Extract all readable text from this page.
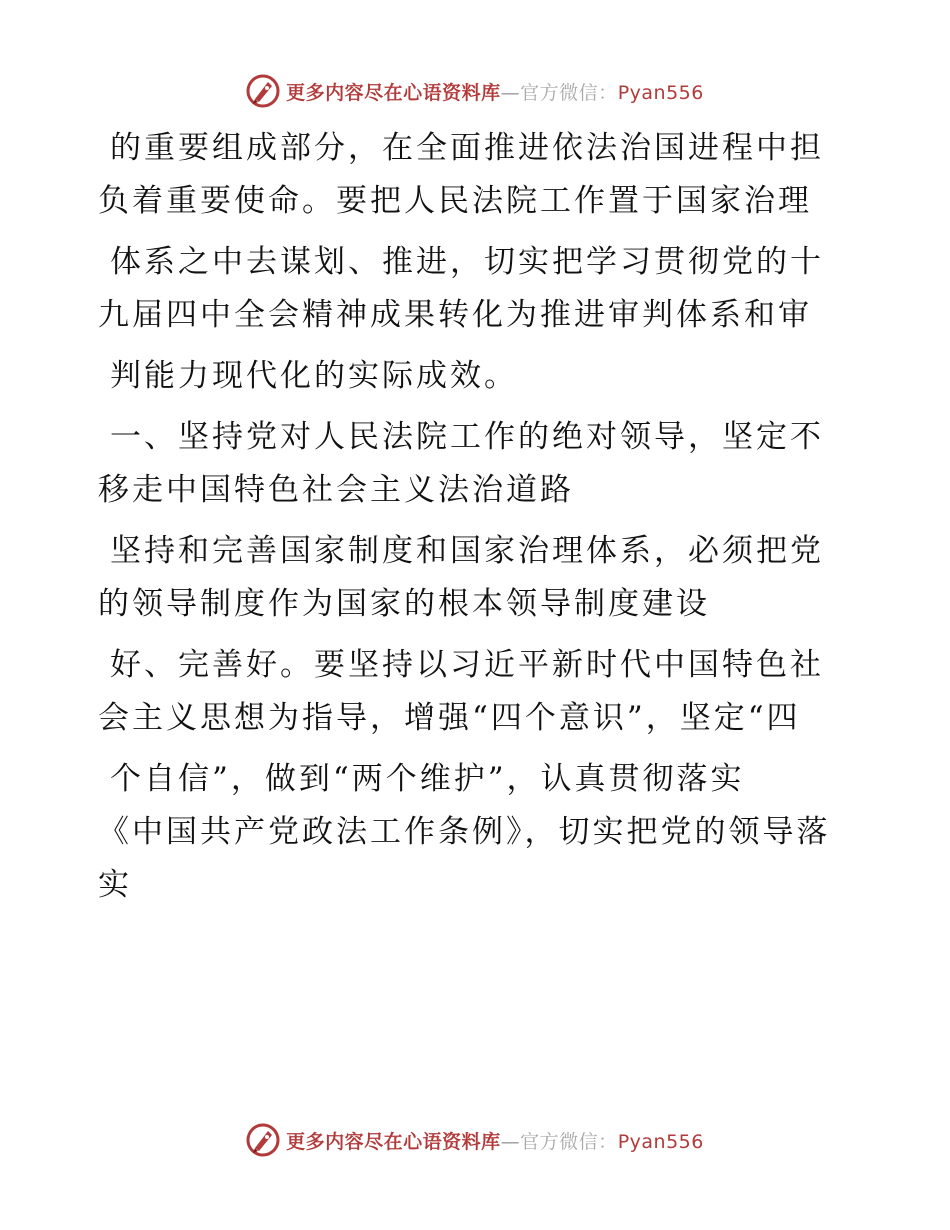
更多内容尽在心语资料库—官方微信：Pyan556
的重要组成部分，在全面推进依法治国进程中担
负着重要使命。要把人民法院工作置于国家治理
体系之中去谋划、推进，切实把学习贯彻党的十
九届四中全会精神成果转化为推进审判体系和审
判能力现代化的实际成效。
一、坚持党对人民法院工作的绝对领导，坚定不
移走中国特色社会主义法治道路
坚持和完善国家制度和国家治理体系，必须把党
的领导制度作为国家的根本领导制度建设
好、完善好。要坚持以习近平新时代中国特色社
会主义思想为指导，增强“四个意识”，坚定“四
个自信”，做到“两个维护”，认真贯彻落实
《中国共产党政法工作条例》，切实把党的领导落
实
更多内容尽在心语资料库—官方微信：Pyan556
